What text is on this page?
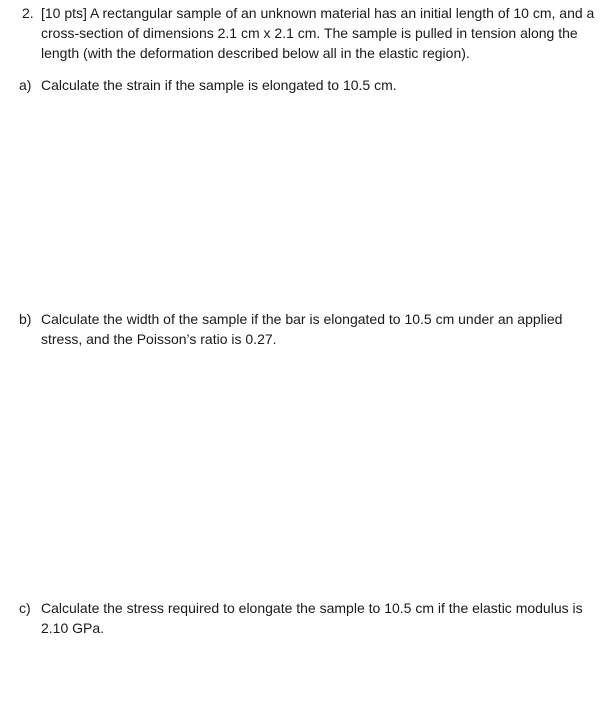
2. [10 pts] A rectangular sample of an unknown material has an initial length of 10 cm, and a cross-section of dimensions 2.1 cm x 2.1 cm. The sample is pulled in tension along the length (with the deformation described below all in the elastic region).
a) Calculate the strain if the sample is elongated to 10.5 cm.
b) Calculate the width of the sample if the bar is elongated to 10.5 cm under an applied stress, and the Poisson’s ratio is 0.27.
c) Calculate the stress required to elongate the sample to 10.5 cm if the elastic modulus is 2.10 GPa.
